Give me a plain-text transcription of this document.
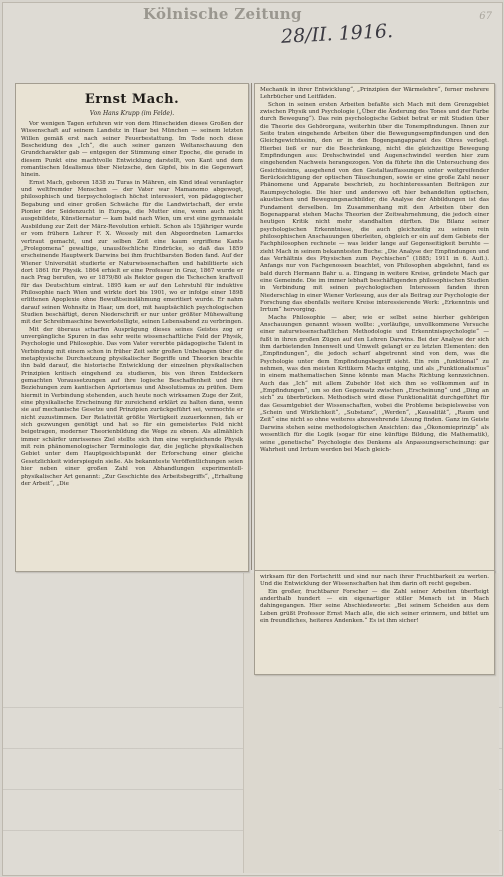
Kölnische Zeitung
28/II. 1916.
67
Ernst Mach.
Von Hans Krupp (im Felde).

Vor wenigen Tagen erfuhren wir von dem Hinscheiden dieses Großen der Wissenschaft auf seinem Landsitz in Haar bei München — seinem letzten Willen gemäß erst nach seiner Feuerbestattung. Im Tode noch diese Bescheidung des „Ich“, die auch seiner ganzen Weltanschauung den Grundcharakter gab — entgegen der Stimmung einer Epoche, die gerade in diesem Punkt eine machtvolle Entwicklung darstellt, von Kant und dem romantischen Idealismus über Nietzsche, den Gipfel, bis in die Gegenwart hinein.

Ernst Mach, geboren 1838 zu Turas in Mähren, ein Kind ideal veranlagter und weltfremder Menschen — der Vater war Mamanomo abgewogt, philosophisch und tierpsychologisch höchst interessiert, von pädagogischer Begabung und einer großen Schwäche für die Landwirtschaft, der erste Pionier der Seidenzucht in Europa, die Mutter eine, wenn auch nicht ausgebildete, Künstlernatur — kam bald nach Wien, um erst eine gymnasiale Ausbildung zur Zeit der März-Revolution erhielt. Schon als 15jähriger wurde er vom frühern Lehrer F. X. Wessely mit den Abgeordneten Lamarcks vertraut gemacht, und zur selben Zeit eine kaum ergriffene Kants „Prolegomena“ gewaltige, unauslöschliche Eindrücke, so daß das 1859 erscheinende Hauptwerk Darwins bei ihm fruchtbarsten Boden fand. Auf der Wiener Universität studierte er Naturwissenschaften und habilitierte sich dort 1861 für Physik. 1864 erhielt er eine Professur in Graz, 1867 wurde er nach Prag berufen, wo er 1879/80 als Rektor gegen die Tschechen kraftvoll für das Deutschtum eintrat. 1895 kam er auf den Lehrstuhl für induktive Philosophie nach Wien und wirkte dort bis 1901, wo er infolge einer 1898 erlittenen Apoplexie ohne Bewußtseinslähmung emeritiert wurde. Er nahm darauf seinen Wohnsitz in Haar, um dort, mit hauptsächlich psychologischen Studien beschäftigt, deren Niederschrift er nur unter größter Mühewaltung mit der Schreibmaschine bewerkstelligte, seinen Lebensabend zu verbringen.

Mit der überaus scharfen Ausprägung dieses seines Geistes zog er unvergängliche Spuren in das sehr weite wissenschaftliche Feld der Physik, Psychologie und Philosophie. Das vom Vater vererbte pädagogische Talent in Verbindung mit einem schon in früher Zeit sehr großen Unbehagen über die metaphysische Durchsetzung physikalischer Begriffe und Theorien brachte ihn bald darauf, die historische Entwicklung der einzelnen physikalischen Prinzipien kritisch eingehend zu studieren, bis von ihren Entdeckern gemachten Voraussetzungen auf ihre logische Beschaffenheit und ihre Beziehungen zum kantischen Apriorismus und Absolutismus zu prüfen. Dem hiermit in Verbindung stehenden, auch heute noch wirksamen Zuge der Zeit, eine physikalische Erscheinung für zureichend erklärt zu halten dann, wenn sie auf mechanische Gesetze und Prinzipien zurückgeführt sei, vermochte er nicht zuzustimmen. Der Relativität größte Wertigkeit zuzuerkennen, fah er sich gezwungen genötigt und hat so für ein gemeistertes Feld nicht beigetragen, moderner Theorienbildung die Wege zu ebnen. Als allmählich immer schärfer umrissenes Ziel stellte sich ihm eine vergleichende Physik mit rein phänomenologischer Terminologie dar, die jegliche physikalischen Gebiet unter dem Hauptgesichtspunkt der Erforschung einer gleiche Gesetzlichkeit widerspiegeln sieße. Als bekannteste Veröffentlichungen seien hier neben einer großen Zahl von Abhandlungen experimentell-physikalischer Art genannt: „Zur Geschichte des Arbeitsbegriffs“, „Erhaltung der Arbeit“, „Die

Mechanik in ihrer Entwicklung“, „Prinzipien der Wärmelehre“, ferner mehrere Lehrbücher und Leitfäden.

Schon in seinen ersten Arbeiten befaßte sich Mach mit dem Grenzgebiet zwischen Physik und Psychologie („Über die Änderung des Tones und der Farbe durch Bewegung“). Das rein psychologische Gebiet betrat er mit Studien über die Theorie des Gehörorgans, weiterhin über die Tonempfindungen. Ihnen zur Seite traten eingehende Arbeiten über die Bewegungsempfindungen und den Gleichgewichtssinn, den er in den Bogengangapparat des Ohres verlegt. Hierbei ließ er nur die Beschränkung, nicht die gleichzeitige Bewegung Empfindungen aus: Drehschwindel und Augenschwindel werden hier zum eingehenden Nachweis herangezogen. Von da führte ihn die Untersuchung des Gesichtssinns, ausgehend von den Gestaltauffassungen unter weitgreifender Berücksichtigung der optischen Täuschungen, sowie er eine große Zahl neuer Phänomene und Apparate beschrieb, zu hochinteressanten Beiträgen zur Raumpsychologie. Die hier und anderswo oft hier behandelten optischen, akustischen und Bewegungsnachbilder, die Analyse der Abbildungen ist das Fundament derselben. Im Zusammenhang mit den Arbeiten über den Bogenapparat stehen Machs Theorien der Zeitwahrnehmung, die jedoch einer heutigen Kritik nicht mehr standhalten dürften. Die Bilanz seiner psychologischen Erkenntnisse, die auch gleichzeitig zu seinen rein philosophischen Anschauungen überleiten, obgleich er ein auf dem Gebiete der Fachphilosophen rechnete — was leider lange auf Gegenseitigkeit beruhte — zieht Mach in seinem bekanntesten Buche: „Die Analyse der Empfindungen und das Verhältnis des Physischen zum Psychischen“ (1885; 1911 in 6. Aufl.). Anfangs nur von Fachgenossen beachtet, von Philosophen abgelehnt, fand es bald durch Hermann Bahr u. a. Eingang in weitere Kreise, gründete Mach gar eine Gemeinde. Die im immer lebhaft beschäftigenden philosophischen Studien in Verbindung mit seinen psychologischen Interessen fanden ihren Niederschlag in einer Wiener Vorlesung, aus der als Beitrag zur Psychologie der Forschung das ebenfalls weitere Kreise interessierende Werk: „Erkenntnis und Irrtum“ hervorging.

Machs Philosophie — aber, wie er selbst seine hierher gehörigen Anschauungen genannt wissen wollte: „vorläufige, unvollkommene Versuche einer naturwissenschaftlichen Methodologie und Erkenntnispsychologie“ — fußt in ihren großen Zügen auf den Lehren Darwins. Bei der Analyse der sich ihm darbietenden Innenwelt und Umwelt gelangt er zu letzten Elementen: den „Empfindungen“, die jedoch scharf abgetrennt sind von dem, was die Psychologie unter dem Empfindungsbegriff sieht. Ein rein „funktional“ zu nehmen, was den meisten Kritikern Machs entging, und als „Funktionalismus“ in einem mathematischen Sinne könnte man Machs Richtung kennzeichnen. Auch das „Ich“ mit allem Zubehör löst sich ihm so vollkommen auf in „Empfindungen“, um so den Gegensatz zwischen „Erscheinung“ und „Ding an sich“ zu überbrücken. Methodisch wird diese Funktionalität durchgeführt für das Gesamtgebiet der Wissenschaften, wobei die Probleme beispielsweise von „Schein und Wirklichkeit“, „Substanz“, „Werden“, „Kausalität“, „Raum und Zeit“ eine nicht so ohne weiteres abzuwehrende Lösung finden. Ganz im Geiste Darwins stehen seine methodologischen Ansichten: das „Ökonomieprinzip“ als wesentlich für die Logik (sogar für eine künftige Bildung, die Mathematik), seine „genetische“ Psychologie des Denkens als Anpassungserscheinung: gar Wahrheit und Irrtum werden bei Mach gleich-

wirksam für den Fortschritt und sind nur nach ihrer Fruchtbarkeit zu werten. Und die Entwicklung der Wissenschaften hat ihm darin oft recht gegeben.

Ein großer, fruchtbarer Forscher — die Zahl seiner Arbeiten überfteigt anderthalb hundert — ein eigenartiger stiller Mensch ist in Mach dahingegangen. Hier seine Abschiedsworte: „Bei seinem Scheiden aus dem Leben grüßt Professor Ernst Mach alle, die sich seiner erinnern, und bittet um ein freundliches, heiteres Andenken.“ Es ist ihm sicher!
